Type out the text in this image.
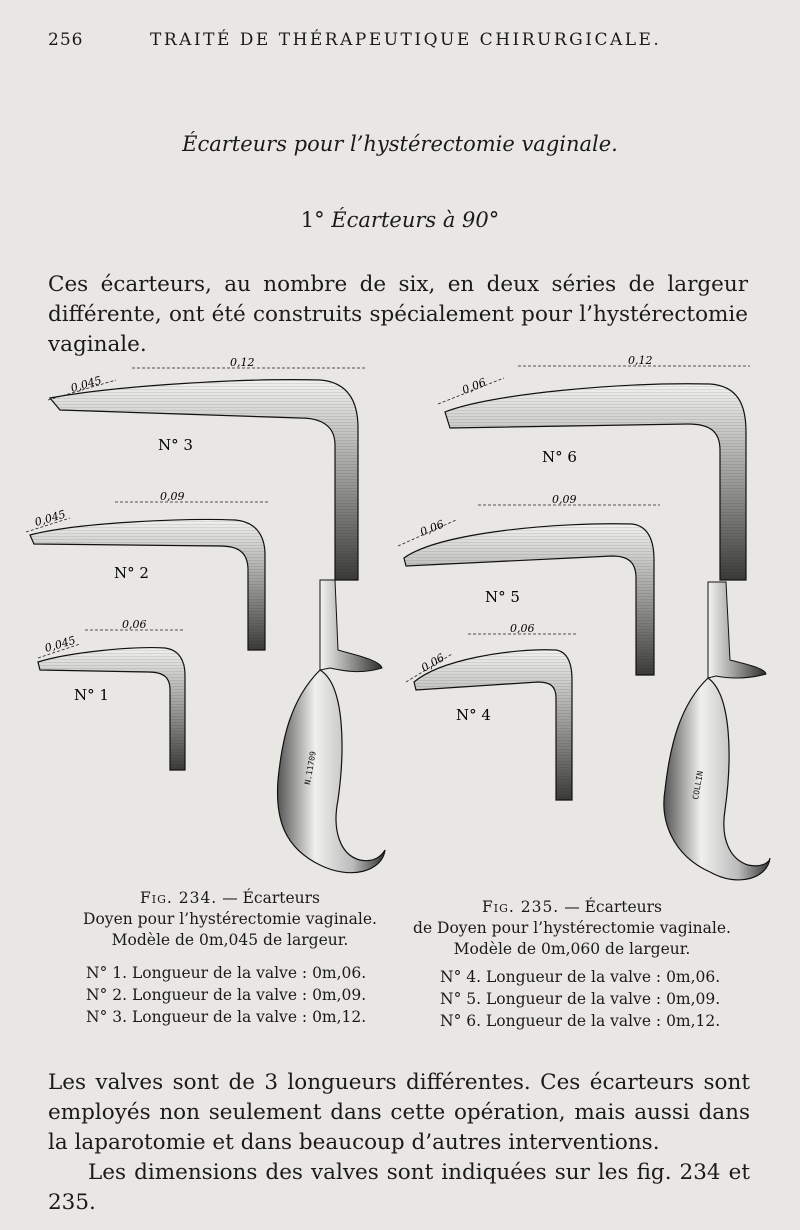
256	TRAITÉ DE THÉRAPEUTIQUE CHIRURGICALE.
Écarteurs pour l’hystérectomie vaginale.
1° Écarteurs à 90°
Ces écarteurs, au nombre de six, en deux séries de largeur différente, ont été construits spécialement pour l’hystérectomie vaginale.
N.11709
0,12
0,09
0,06
0,045
0,045
0,045
N° 3
N° 2
N° 1
COLLIN
0,12
0,09
0,06
0,06
0,06
0,06
N° 6
N° 5
N° 4
Fig. 234. — Écarteurs
Doyen pour l’hystérectomie vaginale.
Modèle de 0m,045 de largeur.
N° 1. Longueur de la valve : 0m,06.
N° 2. Longueur de la valve : 0m,09.
N° 3. Longueur de la valve : 0m,12.
Fig. 235. — Écarteurs
de Doyen pour l’hystérectomie vaginale.
Modèle de 0m,060 de largeur.
N° 4. Longueur de la valve : 0m,06.
N° 5. Longueur de la valve : 0m,09.
N° 6. Longueur de la valve : 0m,12.

Les valves sont de 3 longueurs différentes. Ces écarteurs sont employés non seulement dans cette opération, mais aussi dans la laparotomie et dans beaucoup d’autres interventions.

Les dimensions des valves sont indiquées sur les fig. 234 et 235.
